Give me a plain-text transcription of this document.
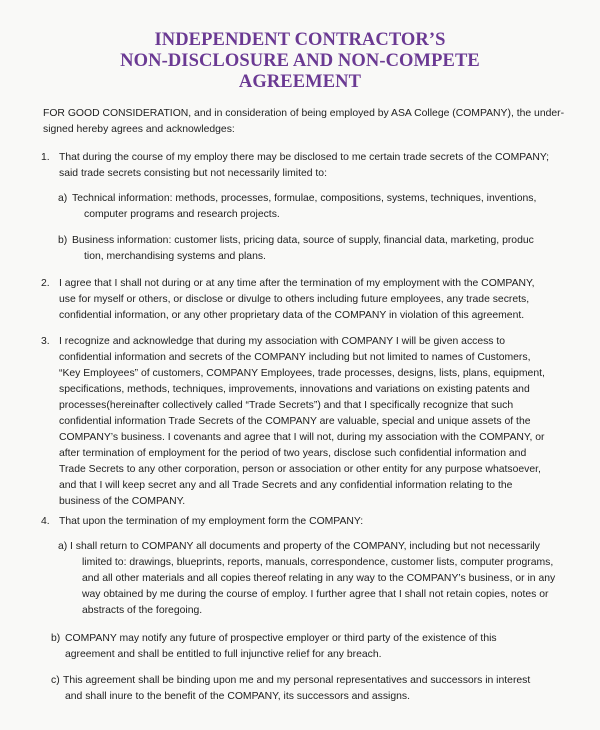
INDEPENDENT CONTRACTOR’S
NON-DISCLOSURE AND NON-COMPETE
AGREEMENT
FOR GOOD CONSIDERATION, and in consideration of being employed by ASA College (COMPANY), the under-
signed hereby agrees and acknowledges:
1. That during the course of my employ there may be disclosed to me certain trade secrets of the COMPANY;
said trade secrets consisting but not necessarily limited to:
a) Technical information: methods, processes, formulae, compositions, systems, techniques, inventions,
computer programs and research projects.
b) Business information: customer lists, pricing data, source of supply, financial data, marketing, produc
tion, merchandising systems and plans.
2. I agree that I shall not during or at any time after the termination of my employment with the COMPANY,
use for myself or others, or disclose or divulge to others including future employees, any trade secrets,
confidential information, or any other proprietary data of the COMPANY in violation of this agreement.
3. I recognize and acknowledge that during my association with COMPANY I will be given access to
confidential information and secrets of the COMPANY including but not limited to names of Customers,
“Key Employees” of customers, COMPANY Employees, trade processes, designs, lists, plans, equipment,
specifications, methods, techniques, improvements, innovations and variations on existing patents and
processes(hereinafter collectively called “Trade Secrets”) and that I specifically recognize that such
confidential information Trade Secrets of the COMPANY are valuable, special and unique assets of the
COMPANY’s business. I covenants and agree that I will not, during my association with the COMPANY, or
after termination of employment for the period of two years, disclose such confidential information and
Trade Secrets to any other corporation, person or association or other entity for any purpose whatsoever,
and that I will keep secret any and all Trade Secrets and any confidential information relating to the
business of the COMPANY.
4. That upon the termination of my employment form the COMPANY:
a) I shall return to COMPANY all documents and property of the COMPANY, including but not necessarily
limited to: drawings, blueprints, reports, manuals, correspondence, customer lists, computer programs,
and all other materials and all copies thereof relating in any way to the COMPANY’s business, or in any
way obtained by me during the course of employ. I further agree that I shall not retain copies, notes or
abstracts of the foregoing.
b) COMPANY may notify any future of prospective employer or third party of the existence of this
agreement and shall be entitled to full injunctive relief for any breach.
c) This agreement shall be binding upon me and my personal representatives and successors in interest
and shall inure to the benefit of the COMPANY, its successors and assigns.
